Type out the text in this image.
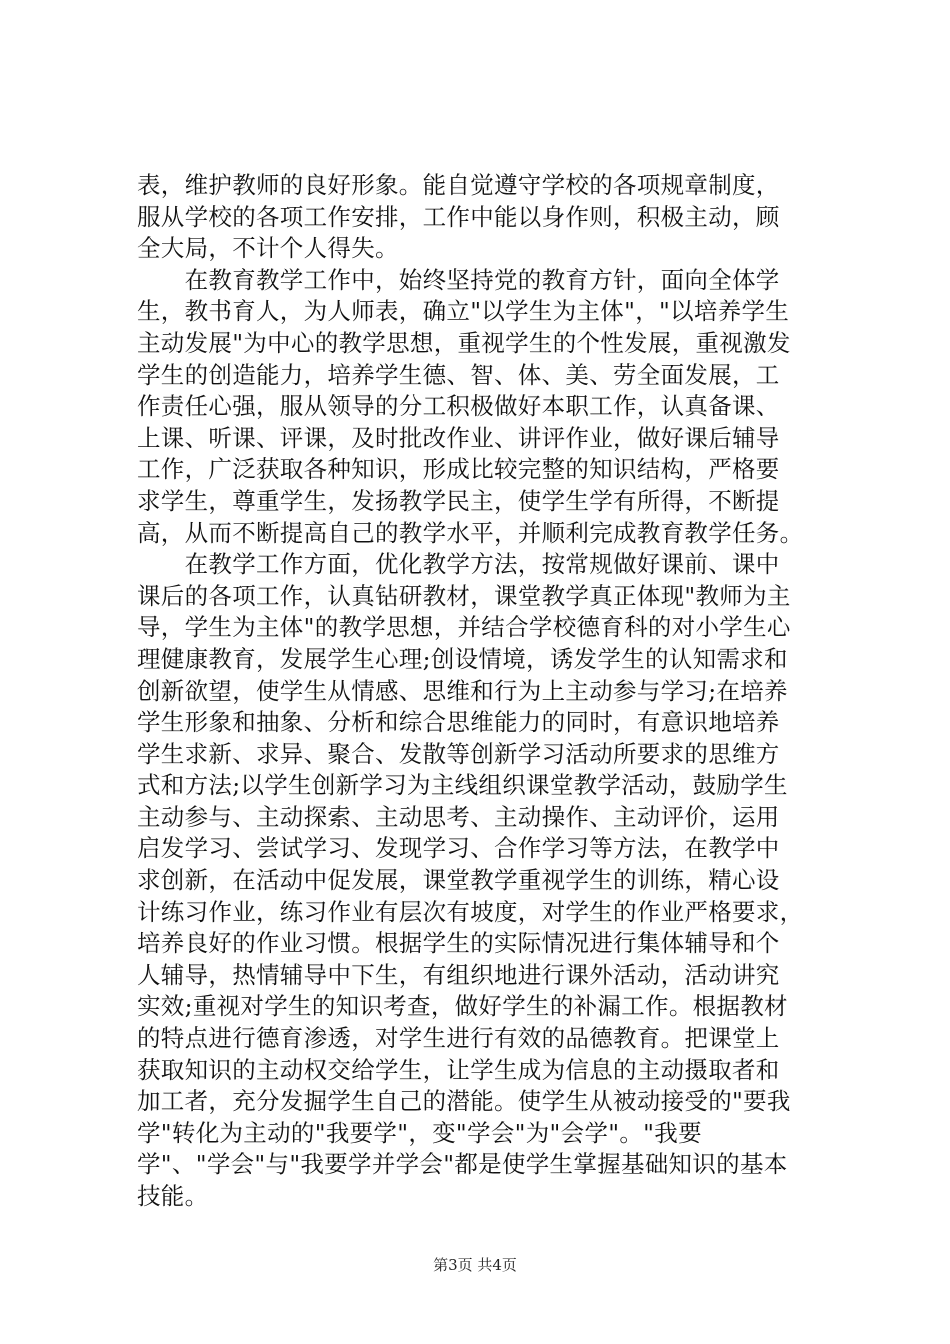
表，维护教师的良好形象。能自觉遵守学校的各项规章制度，
服从学校的各项工作安排，工作中能以身作则，积极主动，顾
全大局，不计个人得失。
　　在教育教学工作中，始终坚持党的教育方针，面向全体学
生，教书育人，为人师表，确立"以学生为主体"，"以培养学生
主动发展"为中心的教学思想，重视学生的个性发展，重视激发
学生的创造能力，培养学生德、智、体、美、劳全面发展，工
作责任心强，服从领导的分工积极做好本职工作，认真备课、
上课、听课、评课，及时批改作业、讲评作业，做好课后辅导
工作，广泛获取各种知识，形成比较完整的知识结构，严格要
求学生，尊重学生，发扬教学民主，使学生学有所得，不断提
高，从而不断提高自己的教学水平，并顺利完成教育教学任务。
　　在教学工作方面，优化教学方法，按常规做好课前、课中
课后的各项工作，认真钻研教材，课堂教学真正体现"教师为主
导，学生为主体"的教学思想，并结合学校德育科的对小学生心
理健康教育，发展学生心理;创设情境，诱发学生的认知需求和
创新欲望，使学生从情感、思维和行为上主动参与学习;在培养
学生形象和抽象、分析和综合思维能力的同时，有意识地培养
学生求新、求异、聚合、发散等创新学习活动所要求的思维方
式和方法;以学生创新学习为主线组织课堂教学活动，鼓励学生
主动参与、主动探索、主动思考、主动操作、主动评价，运用
启发学习、尝试学习、发现学习、合作学习等方法，在教学中
求创新，在活动中促发展，课堂教学重视学生的训练，精心设
计练习作业，练习作业有层次有坡度，对学生的作业严格要求，
培养良好的作业习惯。根据学生的实际情况进行集体辅导和个
人辅导，热情辅导中下生，有组织地进行课外活动，活动讲究
实效;重视对学生的知识考查，做好学生的补漏工作。根据教材
的特点进行德育渗透，对学生进行有效的品德教育。把课堂上
获取知识的主动权交给学生，让学生成为信息的主动摄取者和
加工者，充分发掘学生自己的潜能。使学生从被动接受的"要我
学"转化为主动的"我要学"，变"学会"为"会学"。"我要
学"、"学会"与"我要学并学会"都是使学生掌握基础知识的基本
技能。
第3页 共4页
